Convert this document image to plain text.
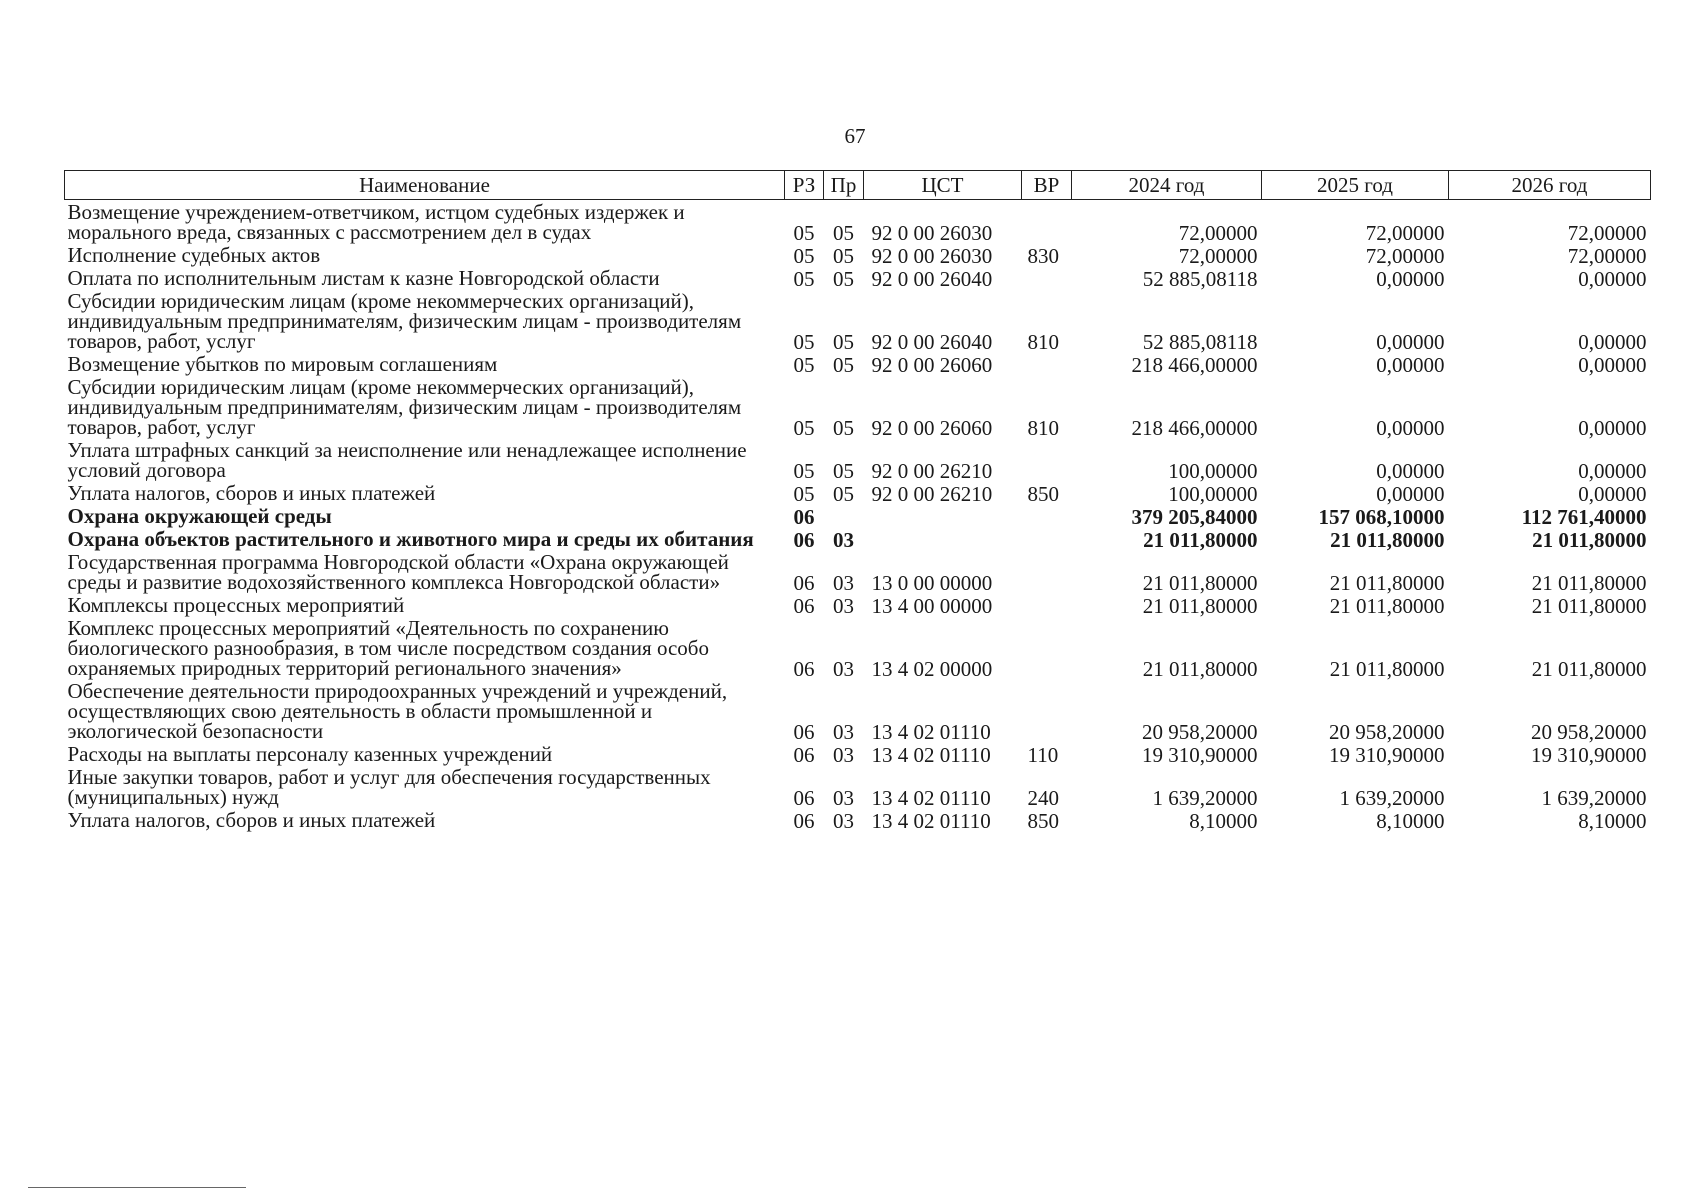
67
Наименование	РЗ	Пр	ЦСТ	ВР	2024 год	2025 год	2026 год
Возмещение учреждением-ответчиком, истцом судебных издержек и морального вреда, связанных с рассмотрением дел в судах	05	05	92 0 00 26030		72,00000	72,00000	72,00000
Исполнение судебных актов	05	05	92 0 00 26030	830	72,00000	72,00000	72,00000
Оплата по исполнительным листам к казне Новгородской области	05	05	92 0 00 26040		52 885,08118	0,00000	0,00000
Субсидии юридическим лицам (кроме некоммерческих организаций), индивидуальным предпринимателям, физическим лицам - производителям товаров, работ, услуг	05	05	92 0 00 26040	810	52 885,08118	0,00000	0,00000
Возмещение убытков по мировым соглашениям	05	05	92 0 00 26060		218 466,00000	0,00000	0,00000
Субсидии юридическим лицам (кроме некоммерческих организаций), индивидуальным предпринимателям, физическим лицам - производителям товаров, работ, услуг	05	05	92 0 00 26060	810	218 466,00000	0,00000	0,00000
Уплата штрафных санкций за неисполнение или ненадлежащее исполнение условий договора	05	05	92 0 00 26210		100,00000	0,00000	0,00000
Уплата налогов, сборов и иных платежей	05	05	92 0 00 26210	850	100,00000	0,00000	0,00000
Охрана окружающей среды	06				379 205,84000	157 068,10000	112 761,40000
Охрана объектов растительного и животного мира и среды их обитания	06	03			21 011,80000	21 011,80000	21 011,80000
Государственная программа Новгородской области «Охрана окружающей среды и развитие водохозяйственного комплекса Новгородской области»	06	03	13 0 00 00000		21 011,80000	21 011,80000	21 011,80000
Комплексы процессных мероприятий	06	03	13 4 00 00000		21 011,80000	21 011,80000	21 011,80000
Комплекс процессных мероприятий «Деятельность по сохранению биологического разнообразия, в том числе посредством создания особо охраняемых природных территорий регионального значения»	06	03	13 4 02 00000		21 011,80000	21 011,80000	21 011,80000
Обеспечение деятельности природоохранных учреждений и учреждений, осуществляющих свою деятельность в области промышленной и экологической безопасности	06	03	13 4 02 01110		20 958,20000	20 958,20000	20 958,20000
Расходы на выплаты персоналу казенных учреждений	06	03	13 4 02 01110	110	19 310,90000	19 310,90000	19 310,90000
Иные закупки товаров, работ и услуг для обеспечения государственных (муниципальных) нужд	06	03	13 4 02 01110	240	1 639,20000	1 639,20000	1 639,20000
Уплата налогов, сборов и иных платежей	06	03	13 4 02 01110	850	8,10000	8,10000	8,10000
